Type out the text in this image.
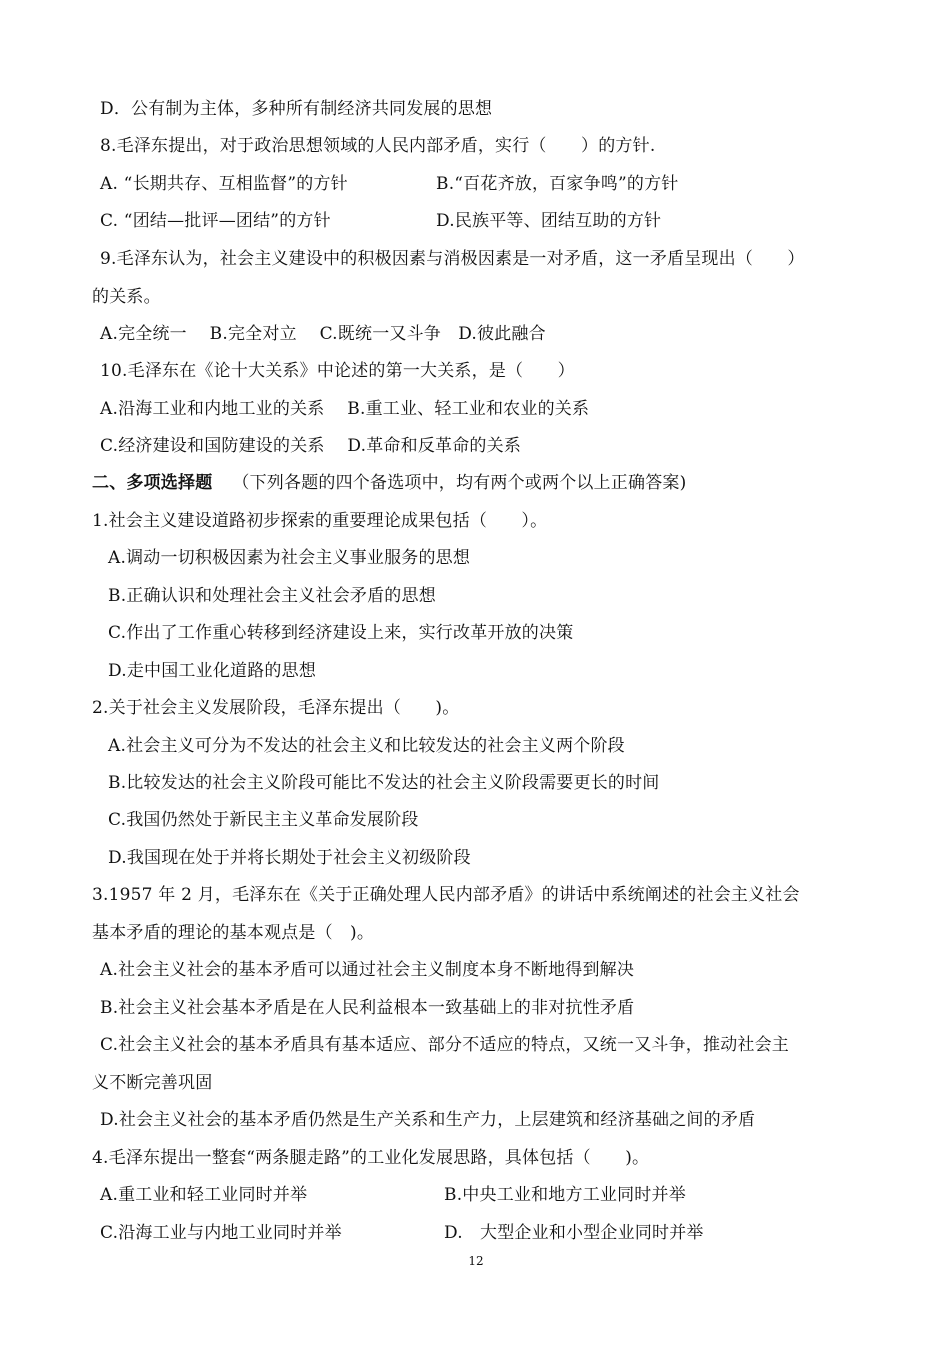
D．公有制为主体，多种所有制经济共同发展的思想
8.毛泽东提出，对于政治思想领域的人民内部矛盾，实行（　　）的方针.
A. “长期共存、互相监督”的方针	B.“百花齐放，百家争鸣”的方针
C. “团结—批评—团结”的方针	D.民族平等、团结互助的方针
9.毛泽东认为，社会主义建设中的积极因素与消极因素是一对矛盾，这一矛盾呈现出（　　）
的关系。
A.完全统一　 B.完全对立　 C.既统一又斗争　D.彼此融合
10.毛泽东在《论十大关系》中论述的第一大关系，是（　　）
A.沿海工业和内地工业的关系　 B.重工业、轻工业和农业的关系
C.经济建设和国防建设的关系　 D.革命和反革命的关系
二、多项选择题 （下列各题的四个备选项中，均有两个或两个以上正确答案)
1.社会主义建设道路初步探索的重要理论成果包括（　　）。
A.调动一切积极因素为社会主义事业服务的思想
B.正确认识和处理社会主义社会矛盾的思想
C.作出了工作重心转移到经济建设上来，实行改革开放的决策
D.走中国工业化道路的思想
2.关于社会主义发展阶段，毛泽东提出（　　)。
A.社会主义可分为不发达的社会主义和比较发达的社会主义两个阶段
B.比较发达的社会主义阶段可能比不发达的社会主义阶段需要更长的时间
C.我国仍然处于新民主主义革命发展阶段
D.我国现在处于并将长期处于社会主义初级阶段
3.1957 年 2 月，毛泽东在《关于正确处理人民内部矛盾》的讲话中系统阐述的社会主义社会
基本矛盾的理论的基本观点是（　)。
A.社会主义社会的基本矛盾可以通过社会主义制度本身不断地得到解决
B.社会主义社会基本矛盾是在人民利益根本一致基础上的非对抗性矛盾
C.社会主义社会的基本矛盾具有基本适应、部分不适应的特点，又统一又斗争，推动社会主
义不断完善巩固
D.社会主义社会的基本矛盾仍然是生产关系和生产力，上层建筑和经济基础之间的矛盾
4.毛泽东提出一整套“两条腿走路”的工业化发展思路，具体包括（　　)。
A.重工业和轻工业同时并举	B.中央工业和地方工业同时并举
C.沿海工业与内地工业同时并举	D.　大型企业和小型企业同时并举
12
